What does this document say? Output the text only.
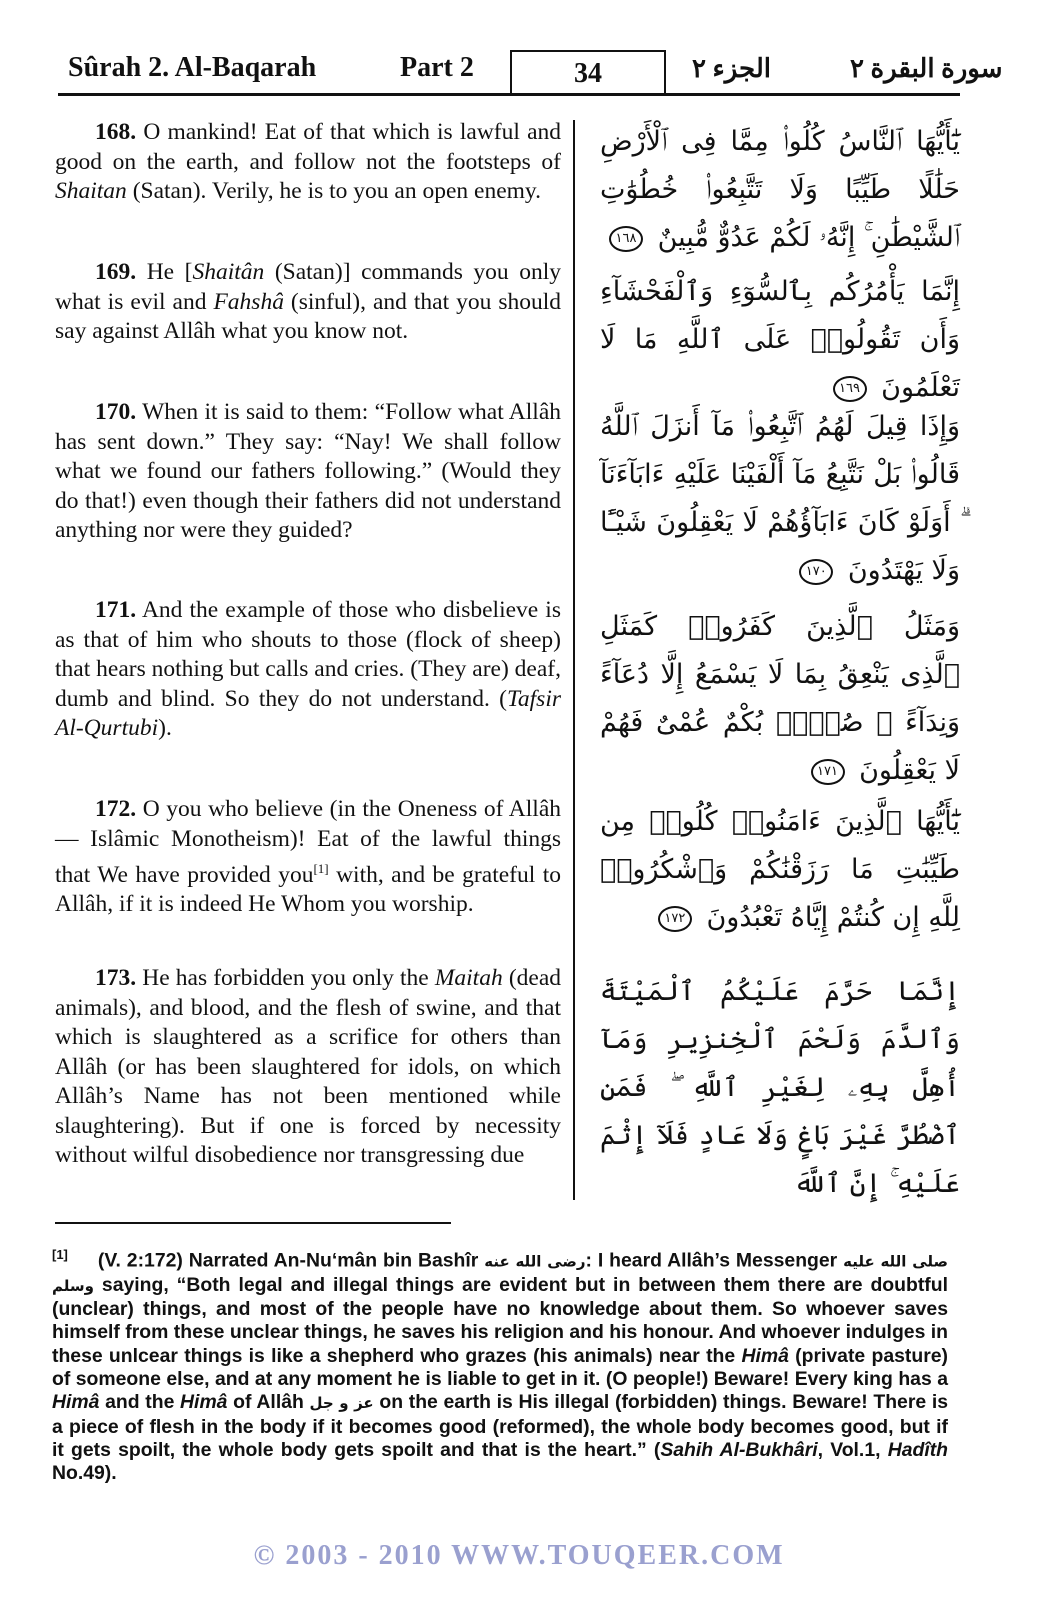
Sûrah 2. Al-Baqarah	Part 2	34	الجزء ٢	سورة البقرة ٢

168. O mankind! Eat of that which is lawful and good on the earth, and follow not the footsteps of Shaitan (Satan). Verily, he is to you an open enemy.

169. He [Shaitân (Satan)] commands you only what is evil and Fahshâ (sinful), and that you should say against Allâh what you know not.

170. When it is said to them: “Follow what Allâh has sent down.” They say: “Nay! We shall follow what we found our fathers following.” (Would they do that!) even though their fathers did not understand anything nor were they guided?

171. And the example of those who disbelieve is as that of him who shouts to those (flock of sheep) that hears nothing but calls and cries. (They are) deaf, dumb and blind. So they do not understand. (Tafsir Al-Qurtubi).

172. O you who believe (in the Oneness of Allâh — Islâmic Monotheism)! Eat of the lawful things that We have provided you[1] with, and be grateful to Allâh, if it is indeed He Whom you worship.

173. He has forbidden you only the Maitah (dead animals), and blood, and the flesh of swine, and that which is slaughtered as a scrifice for others than Allâh (or has been slaughtered for idols, on which Allâh’s Name has not been mentioned while slaughtering). But if one is forced by necessity without wilful disobedience nor transgressing due

يَٰٓأَيُّهَا ٱلنَّاسُ كُلُوا۟ مِمَّا فِى ٱلْأَرْضِ حَلَٰلًا طَيِّبًا وَلَا تَتَّبِعُوا۟ خُطُوَٰتِ ٱلشَّيْطَٰنِ ۚ إِنَّهُۥ لَكُمْ عَدُوٌّ مُّبِينٌ ١٦٨
إِنَّمَا يَأْمُرُكُم بِٱلسُّوٓءِ وَٱلْفَحْشَآءِ وَأَن تَقُولُوا۟ عَلَى ٱللَّهِ مَا لَا تَعْلَمُونَ ١٦٩
وَإِذَا قِيلَ لَهُمُ ٱتَّبِعُوا۟ مَآ أَنزَلَ ٱللَّهُ قَالُوا۟ بَلْ نَتَّبِعُ مَآ أَلْفَيْنَا عَلَيْهِ ءَابَآءَنَآ ۗ أَوَلَوْ كَانَ ءَابَآؤُهُمْ لَا يَعْقِلُونَ شَيْـًٔا وَلَا يَهْتَدُونَ ١٧٠
وَمَثَلُ ٱلَّذِينَ كَفَرُوا۟ كَمَثَلِ ٱلَّذِى يَنْعِقُ بِمَا لَا يَسْمَعُ إِلَّا دُعَآءً وَنِدَآءً ۚ صُمٌّۢ بُكْمٌ عُمْىٌ فَهُمْ لَا يَعْقِلُونَ ١٧١
يَٰٓأَيُّهَا ٱلَّذِينَ ءَامَنُوا۟ كُلُوا۟ مِن طَيِّبَٰتِ مَا رَزَقْنَٰكُمْ وَٱشْكُرُوا۟ لِلَّهِ إِن كُنتُمْ إِيَّاهُ تَعْبُدُونَ ١٧٢
إِنَّمَا حَرَّمَ عَلَيْكُمُ ٱلْمَيْتَةَ وَٱلدَّمَ وَلَحْمَ ٱلْخِنزِيرِ وَمَآ أُهِلَّ بِهِۦ لِغَيْرِ ٱللَّهِ ۖ فَمَنِ ٱضْطُرَّ غَيْرَ بَاغٍ وَلَا عَادٍ فَلَآ إِثْمَ عَلَيْهِ ۚ إِنَّ ٱللَّهَ
[1] (V. 2:172) Narrated An-Nu‘mân bin Bashîr رضى الله عنه: I heard Allâh’s Messenger صلى الله عليه وسلم saying, “Both legal and illegal things are evident but in between them there are doubtful (unclear) things, and most of the people have no knowledge about them. So whoever saves himself from these unclear things, he saves his religion and his honour. And whoever indulges in these unlcear things is like a shepherd who grazes (his animals) near the Himâ (private pasture) of someone else, and at any moment he is liable to get in it. (O people!) Beware! Every king has a Himâ and the Himâ of Allâh عز و جل on the earth is His illegal (forbidden) things. Beware! There is a piece of flesh in the body if it becomes good (reformed), the whole body becomes good, but if it gets spoilt, the whole body gets spoilt and that is the heart.” (Sahih Al-Bukhâri, Vol.1, Hadîth No.49).
© 2003 - 2010 WWW.TOUQEER.COM
